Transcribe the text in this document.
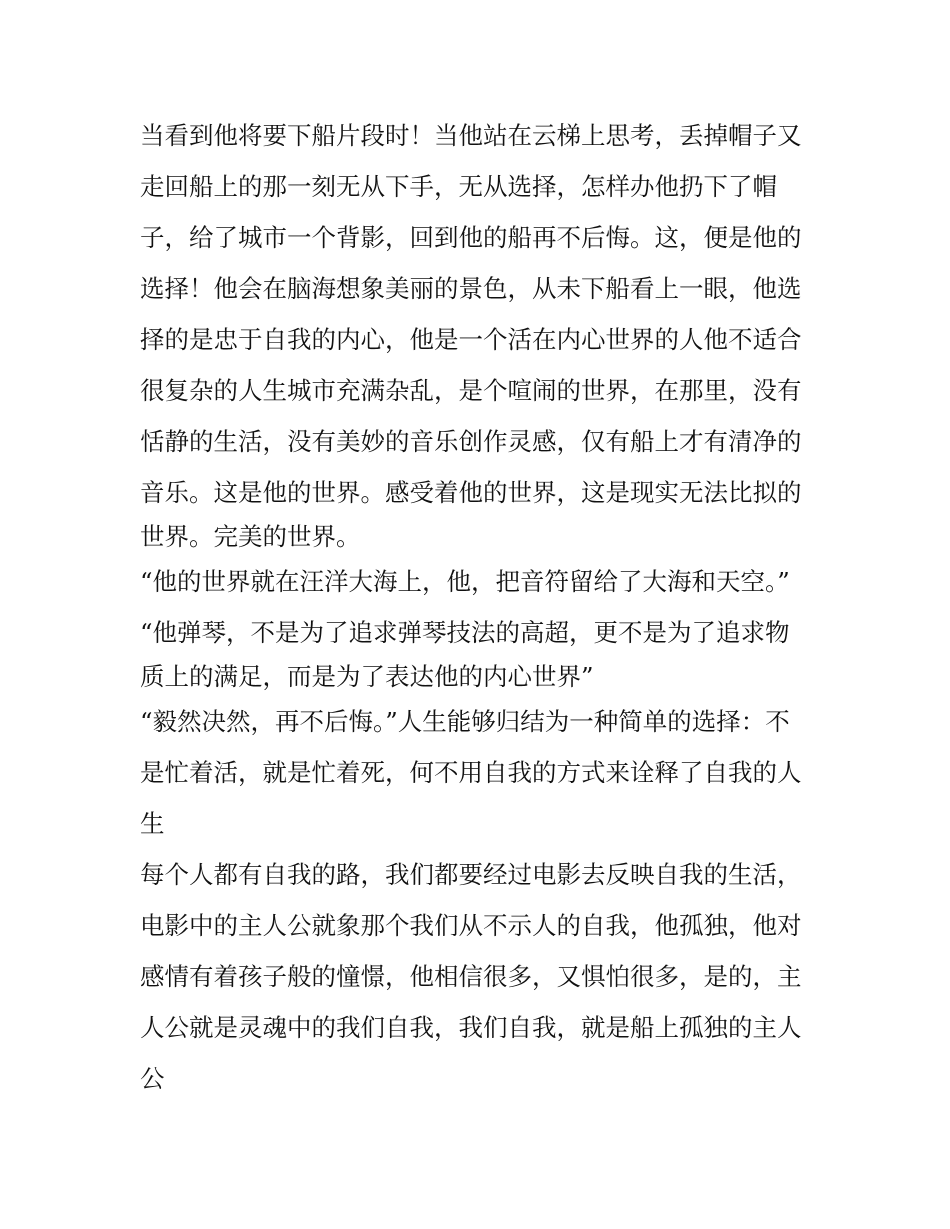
当看到他将要下船片段时！当他站在云梯上思考，丢掉帽子又
走回船上的那一刻无从下手，无从选择，怎样办他扔下了帽
子，给了城市一个背影，回到他的船再不后悔。这，便是他的
选择！他会在脑海想象美丽的景色，从未下船看上一眼，他选
择的是忠于自我的内心，他是一个活在内心世界的人他不适合
很复杂的人生城市充满杂乱，是个喧闹的世界，在那里，没有
恬静的生活，没有美妙的音乐创作灵感，仅有船上才有清净的
音乐。这是他的世界。感受着他的世界，这是现实无法比拟的
世界。完美的世界。
“他的世界就在汪洋大海上，他，把音符留给了大海和天空。”
“他弹琴，不是为了追求弹琴技法的高超，更不是为了追求物
质上的满足，而是为了表达他的内心世界”
“毅然决然，再不后悔。”人生能够归结为一种简单的选择：不
是忙着活，就是忙着死，何不用自我的方式来诠释了自我的人
生
每个人都有自我的路，我们都要经过电影去反映自我的生活，
电影中的主人公就象那个我们从不示人的自我，他孤独，他对
感情有着孩子般的憧憬，他相信很多，又惧怕很多，是的，主
人公就是灵魂中的我们自我，我们自我，就是船上孤独的主人
公
